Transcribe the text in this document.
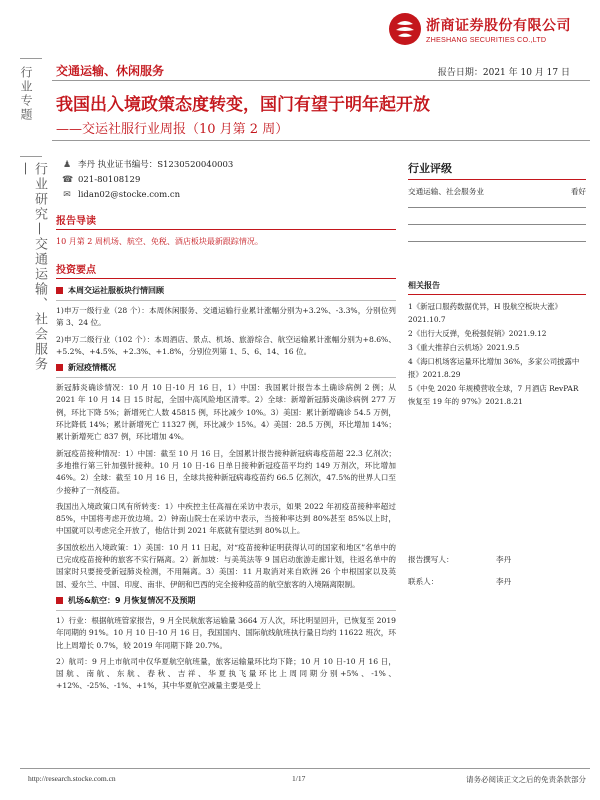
浙商证券股份有限公司
ZHESHANG SECURITIES CO.,LTD
行业专题
行业研究—交通运输、社会服务—
交通运输、休闲服务	报告日期：2021 年 10 月 17 日
我国出入境政策态度转变，国门有望于明年起开放
——交运社服行业周报（10 月第 2 周）
♟ 李丹 执业证书编号：S1230520040003
☎ 021-80108129
✉ lidan02@stocke.com.cn
报告导读
10 月第 2 周机场、航空、免税、酒店板块最新跟踪情况。
投资要点
本周交运社服板块行情回顾
1)申万一级行业（28 个）：本周休闲服务、交通运输行业累计涨幅分别为+3.2%、-3.3%，分别位列第 3、24 位。
2)申万二级行业（102 个）：本周酒店、景点、机场、旅游综合、航空运输累计涨幅分别为+8.6%、+5.2%、+4.5%、+2.3%、+1.8%，分别位列第 1、5、6、14、16 位。
新冠疫情概况
新冠肺炎确诊情况：10 月 10 日-10 月 16 日，1）中国：我国累计报告本土确诊病例 2 例；从 2021 年 10 月 14 日 15 时起，全国中高风险地区清零。2）全球：新增新冠肺炎确诊病例 277 万例，环比下降 5%；新增死亡人数 45815 例，环比减少 10%。3）美国：累计新增确诊 54.5 万例，环比降低 14%；累计新增死亡 11327 例，环比减少 15%。4）美国：28.5 万例，环比增加 14%；累计新增死亡 837 例，环比增加 4%。
新冠疫苗接种情况：1）中国：截至 10 月 16 日，全国累计报告接种新冠病毒疫苗超 22.3 亿剂次；多地推行第三针加强针接种。10 月 10 日-16 日单日接种新冠疫苗平均约 149 万剂次，环比增加 46%。2）全球：截至 10 月 16 日，全球共接种新冠病毒疫苗约 66.5 亿剂次，47.5%的世界人口至少接种了一剂疫苗。
我国出入境政策口风有所转变：1）中疾控主任高福在采访中表示，如果 2022 年初疫苗接种率超过 85%，中国将考虑开放边境。2）钟南山院士在采访中表示，当接种率达到 80%甚至 85%以上时，中国就可以考虑完全开放了，他估计到 2021 年底就有望达到 80%以上。
多国放松出入境政策：1）美国：10 月 11 日起，对“疫苗接种证明获得认可的国家和地区”名单中的已完成疫苗接种的旅客不实行隔离。2）新加坡：与美英法等 9 国启动旅游走廊计划，往返名单中的国家时只要接受新冠肺炎检测，不用隔离。3）美国：11 月取消对来自欧洲 26 个申根国家以及英国、爱尔兰、中国、印度、南非、伊朗和巴西的完全接种疫苗的航空旅客的入境隔离限制。
机场&航空：9 月恢复情况不及预期
1）行业：根据航班管家报告，9 月全民航旅客运输量 3664 万人次，环比明显回升，已恢复至 2019 年同期的 91%。10 月 10 日-10 月 16 日，我国国内、国际航线航班执行量日均约 11622 班次，环比上周增长 0.7%，较 2019 年同期下降 20.7%。
2）航司：9 月上市航司中仅华夏航空航班量，旅客运输量环比均下降；10 月 10 日-10 月 16 日，国航、南航、东航、春秋、吉祥、华夏执飞量环比上周同期分别+5%、-1%、+12%、-25%、-1%、+1%，其中华夏航空减量主要是受上
行业评级
交通运输、社会服务业	看好
相关报告
1《新冠口服药数据优异，H 股航空板块大涨》2021.10.7
2《出行大反弹，免税强促销》2021.9.12
3《重大推荐白云机场》2021.9.5
4《海口机场客运量环比增加 36%，多家公司披露中报》2021.8.29
5《中免 2020 年规模营收全球，7 月酒店 RevPAR 恢复至 19 年的 97%》2021.8.21
报告撰写人：	李丹
联系人：	李丹
http://research.stocke.com.cn	1/17	请务必阅读正文之后的免责条款部分
